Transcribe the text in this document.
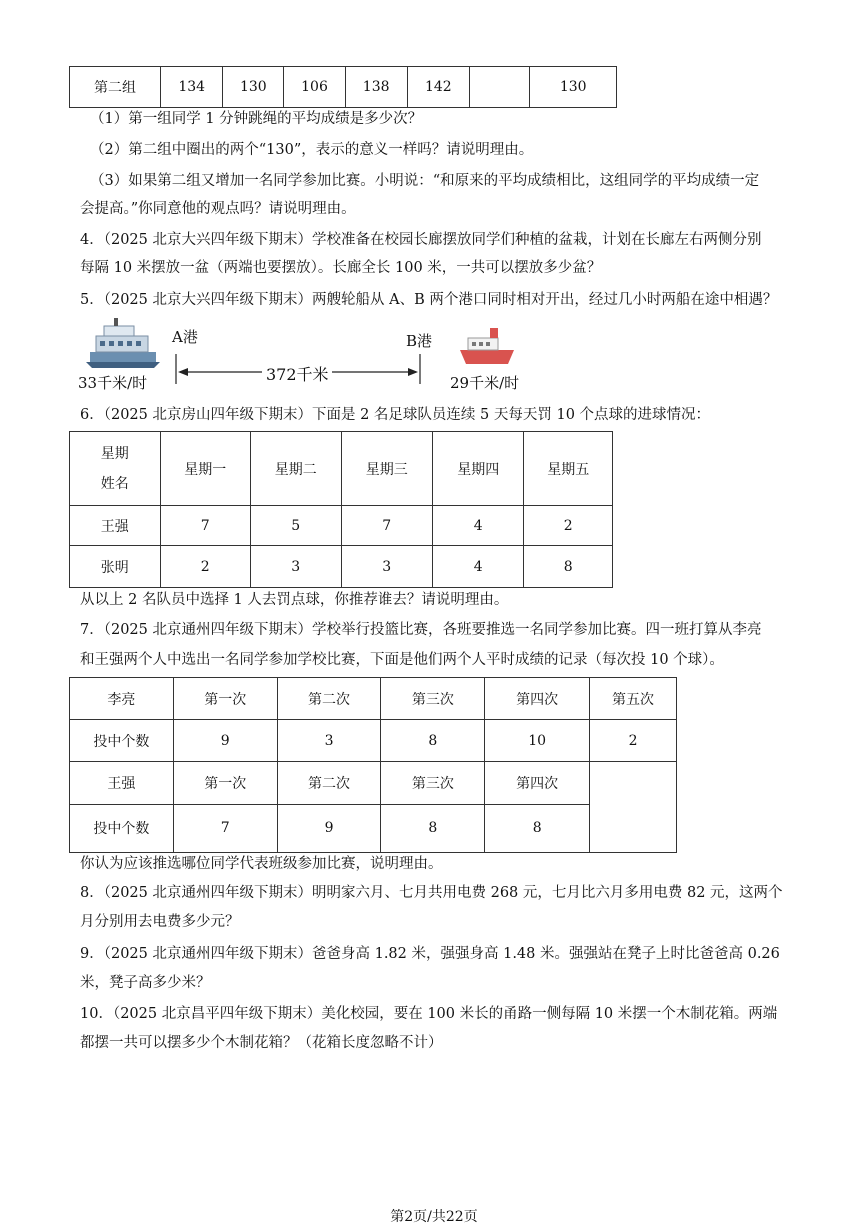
第二组	134	130	106	138	142		130
（1）第一组同学 1 分钟跳绳的平均成绩是多少次？
（2）第二组中圈出的两个“130”，表示的意义一样吗？请说明理由。
（3）如果第二组又增加一名同学参加比赛。小明说：“和原来的平均成绩相比，这组同学的平均成绩一定
会提高。”你同意他的观点吗？请说明理由。
4．（2025 北京大兴四年级下期末）学校准备在校园长廊摆放同学们种植的盆栽，计划在长廊左右两侧分别
每隔 10 米摆放一盆（两端也要摆放）。长廊全长 100 米，一共可以摆放多少盆？
5．（2025 北京大兴四年级下期末）两艘轮船从 A、B 两个港口同时相对开出，经过几小时两船在途中相遇？
A港	B港
372千米
33千米/时	29千米/时
6．（2025 北京房山四年级下期末）下面是 2 名足球队员连续 5 天每天罚 10 个点球的进球情况：
星期
姓名	星期一	星期二	星期三	星期四	星期五
王强	7	5	7	4	2
张明	2	3	3	4	8
从以上 2 名队员中选择 1 人去罚点球，你推荐谁去？请说明理由。
7．（2025 北京通州四年级下期末）学校举行投篮比赛，各班要推选一名同学参加比赛。四一班打算从李亮
和王强两个人中选出一名同学参加学校比赛，下面是他们两个人平时成绩的记录（每次投 10 个球）。
李亮	第一次	第二次	第三次	第四次	第五次
投中个数	9	3	8	10	2
王强	第一次	第二次	第三次	第四次	
投中个数	7	9	8	8	
你认为应该推选哪位同学代表班级参加比赛，说明理由。
8．（2025 北京通州四年级下期末）明明家六月、七月共用电费 268 元，七月比六月多用电费 82 元，这两个
月分别用去电费多少元？
9．（2025 北京通州四年级下期末）爸爸身高 1.82 米，强强身高 1.48 米。强强站在凳子上时比爸爸高 0.26
米，凳子高多少米？
10．（2025 北京昌平四年级下期末）美化校园，要在 100 米长的甬路一侧每隔 10 米摆一个木制花箱。两端
都摆一共可以摆多少个木制花箱？（花箱长度忽略不计）
第2页/共22页
